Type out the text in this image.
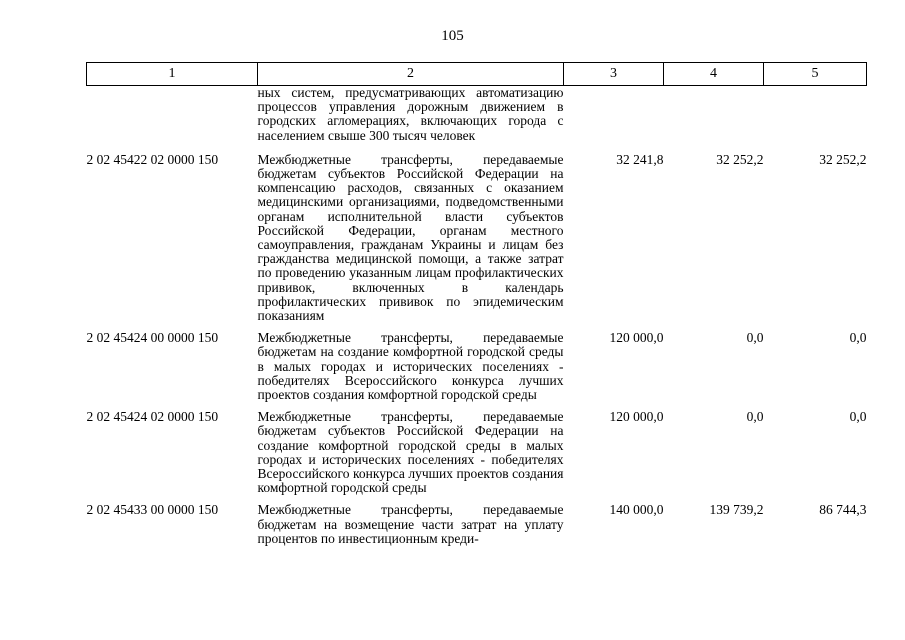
105
1	2	3	4	5
	ных систем, предусматривающих автоматизацию процессов управления дорожным движением в городских агломерациях, включающих города с населением свыше 300 тысяч человек			
2 02 45422 02 0000 150	Межбюджетные трансферты, передаваемые бюджетам субъектов Российской Федерации на компенсацию расходов, связанных с оказанием медицинскими организациями, подведомственными органам исполнительной власти субъектов Российской Федерации, органам местного самоуправления, гражданам Украины и лицам без гражданства медицинской помощи, а также затрат по проведению указанным лицам профилактических прививок, включенных в календарь профилактических прививок по эпидемическим показаниям	32 241,8	32 252,2	32 252,2
2 02 45424 00 0000 150	Межбюджетные трансферты, передаваемые бюджетам на создание комфортной городской среды в малых городах и исторических поселениях - победителях Всероссийского конкурса лучших проектов создания комфортной городской среды	120 000,0	0,0	0,0
2 02 45424 02 0000 150	Межбюджетные трансферты, передаваемые бюджетам субъектов Российской Федерации на создание комфортной городской среды в малых городах и исторических поселениях - победителях Всероссийского конкурса лучших проектов создания комфортной городской среды	120 000,0	0,0	0,0
2 02 45433 00 0000 150	Межбюджетные трансферты, передаваемые бюджетам на возмещение части затрат на уплату процентов по инвестиционным креди-	140 000,0	139 739,2	86 744,3
